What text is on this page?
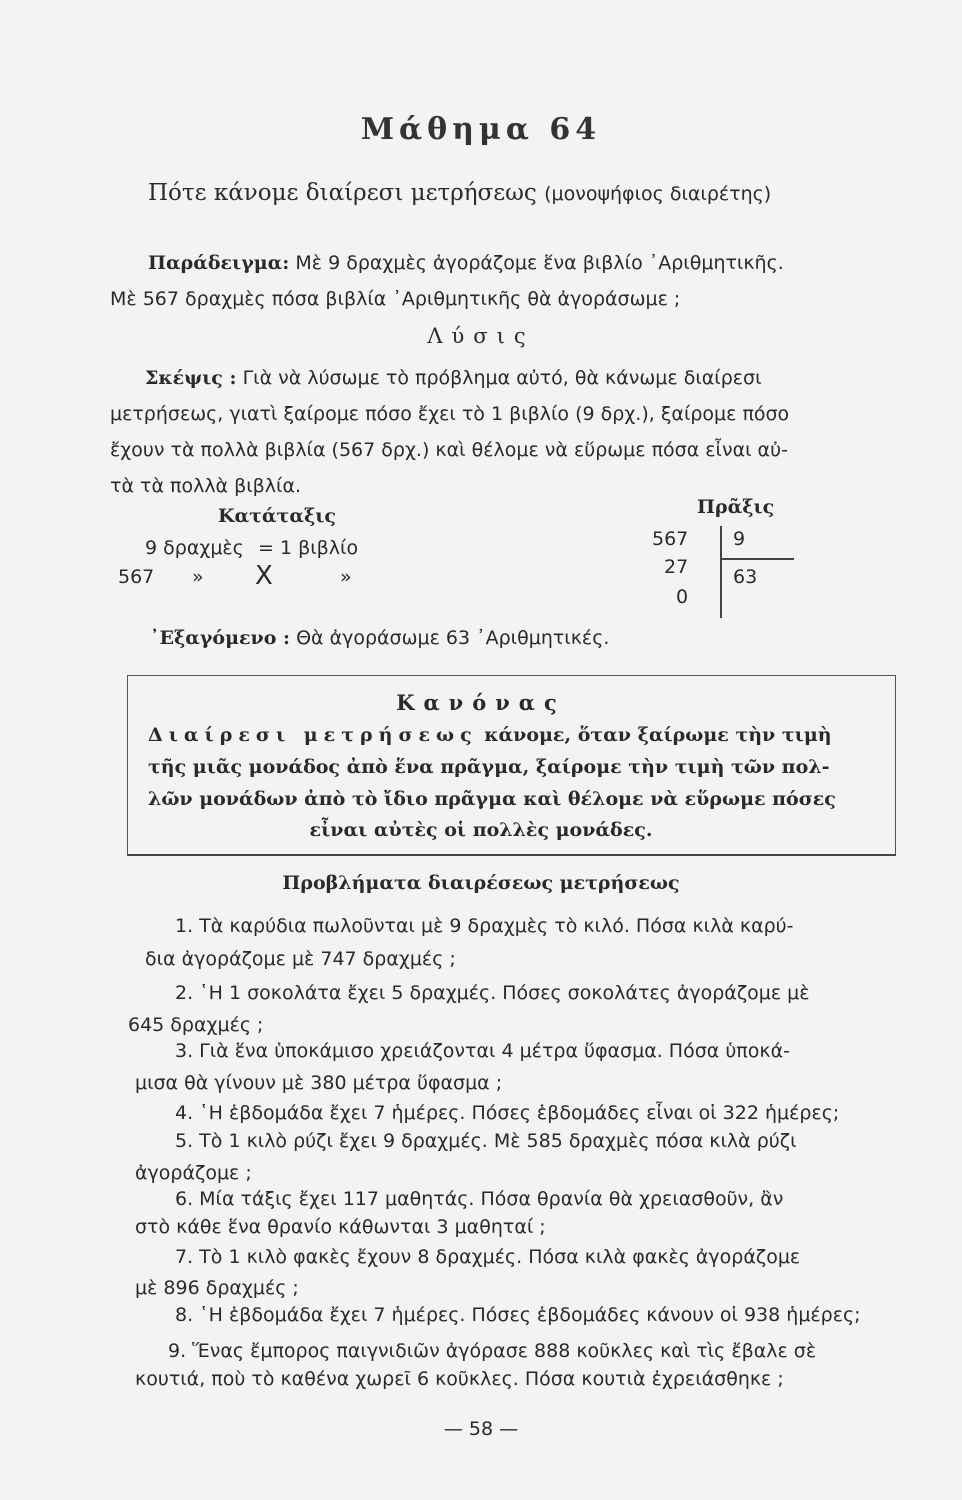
Μάθημα 64
Πότε κάνομε διαίρεσι μετρήσεως (μονοψήφιος διαιρέτης)
Παράδειγμα: Μὲ 9 δραχμὲς ἀγοράζομε ἕνα βιβλίο ᾿Αριθμητικῆς.
Μὲ 567 δραχμὲς πόσα βιβλία ᾿Αριθμητικῆς θὰ ἀγοράσωμε ;
Λύσις
Σκέψις : Γιὰ νὰ λύσωμε τὸ πρόβλημα αὐτό, θὰ κάνωμε διαίρεσι
μετρήσεως, γιατὶ ξαίρομε πόσο ἔχει τὸ 1 βιβλίο (9 δρχ.), ξαίρομε πόσο
ἔχουν τὰ πολλὰ βιβλία (567 δρχ.) καὶ θέλομε νὰ εὕρωμε πόσα εἶναι αὐ-
τὰ τὰ πολλὰ βιβλία.
Κατάταξις
9 δραχμὲς = 1 βιβλίο
567 » X	»
Πρᾶξις
567 9
27 63
0
᾿Εξαγόμενο : Θὰ ἀγοράσωμε 63 ᾿Αριθμητικές.
Κανόνας
Διαίρεσι μετρήσεως κάνομε, ὅταν ξαίρωμε τὴν τιμὴ
τῆς μιᾶς μονάδος ἀπὸ ἕνα πρᾶγμα, ξαίρομε τὴν τιμὴ τῶν πολ-
λῶν μονάδων ἀπὸ τὸ ἴδιο πρᾶγμα καὶ θέλομε νὰ εὕρωμε πόσες
εἶναι αὐτὲς οἱ πολλὲς μονάδες.
Προβλήματα διαιρέσεως μετρήσεως
1. Τὰ καρύδια πωλοῦνται μὲ 9 δραχμὲς τὸ κιλό. Πόσα κιλὰ καρύ-
δια ἀγοράζομε μὲ 747 δραχμές ;
2. ῾Η 1 σοκολάτα ἔχει 5 δραχμές. Πόσες σοκολάτες ἀγοράζομε μὲ
645 δραχμές ;
3. Γιὰ ἕνα ὑποκάμισο χρειάζονται 4 μέτρα ὕφασμα. Πόσα ὑποκά-
μισα θὰ γίνουν μὲ 380 μέτρα ὕφασμα ;
4. ῾Η ἑβδομάδα ἔχει 7 ἡμέρες. Πόσες ἑβδομάδες εἶναι οἱ 322 ἡμέρες;
5. Τὸ 1 κιλὸ ρύζι ἔχει 9 δραχμές. Μὲ 585 δραχμὲς πόσα κιλὰ ρύζι
ἀγοράζομε ;
6. Μία τάξις ἔχει 117 μαθητάς. Πόσα θρανία θὰ χρειασθοῦν, ἂν
στὸ κάθε ἕνα θρανίο κάθωνται 3 μαθηταί ;
7. Τὸ 1 κιλὸ φακὲς ἔχουν 8 δραχμές. Πόσα κιλὰ φακὲς ἀγοράζομε
μὲ 896 δραχμές ;
8. ῾Η ἑβδομάδα ἔχει 7 ἡμέρες. Πόσες ἑβδομάδες κάνουν οἱ 938 ἡμέρες;
9. Ἕνας ἔμπορος παιγνιδιῶν ἀγόρασε 888 κοῦκλες καὶ τὶς ἔβαλε σὲ
κουτιά, ποὺ τὸ καθένα χωρεῖ 6 κοῦκλες. Πόσα κουτιὰ ἐχρειάσθηκε ;
— 58 —
